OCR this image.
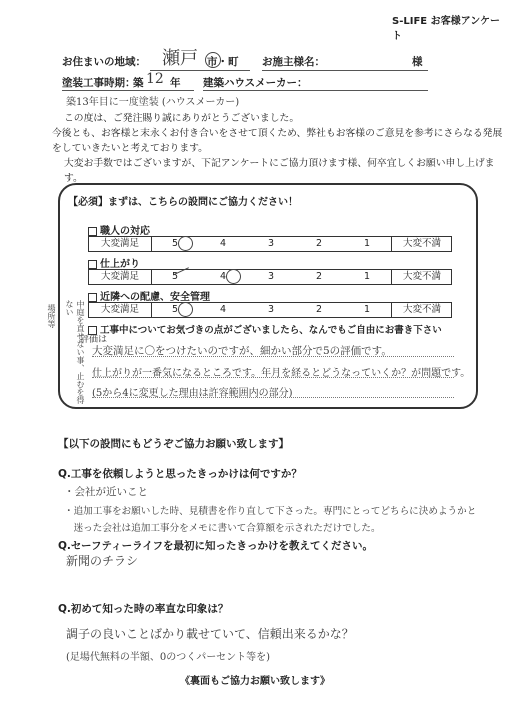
S-LIFE お客様アンケート
お住まいの地域： 瀬戸 市・町 お施主様名：	様
塗装工事時期：
築 12 年 建築ハウスメーカー：
築13年目に一度塗装 (ハウスメーカー)
この度は、ご発注賜り誠にありがとうございました。
今後とも、お客様と末永くお付き合いをさせて頂くため、弊社もお客様のご意見を参考にさらなる発展
をしていきたいと考えております。
大変お手数ではございますが、下記アンケートにご協力頂けます様、何卒宜しくお願い申し上げます。
【必須】まずは、こちらの設問にご協力ください！
職人の対応
大変満足	5	4	3	2	1	大変不満
仕上がり
大変満足	5	4	3	2	1	大変不満
近隣への配慮、安全管理
大変満足	5	4	3	2	1	大変不満
工事中についてお気づきの点がございましたら、なんでもご自由にお書き下さい
評価は
大変満足に〇をつけたいのですが、細かい部分で5の評価です。
仕上がりが一番気になるところです。年月を経るとどうなっていくか？が問題です。
(5から4に変更した理由は許容範囲内の部分)
中庭を直せない事、止むを得ない
場所等
【以下の設問にもどうぞご協力お願い致します】
Q.工事を依頼しようと思ったきっかけは何ですか？
・会社が近いこと
・追加工事をお願いした時、見積書を作り直して下さった。専門にとってどちらに決めようかと
　迷った会社は追加工事分をメモに書いて合算額を示されただけでした。
Q.セーフティーライフを最初に知ったきっかけを教えてください。
新聞のチラシ
Q.初めて知った時の率直な印象は？
調子の良いことばかり載せていて、信頼出来るかな？
(足場代無料の半額、0のつくパーセント等を)
《裏面もご協力お願い致します》
